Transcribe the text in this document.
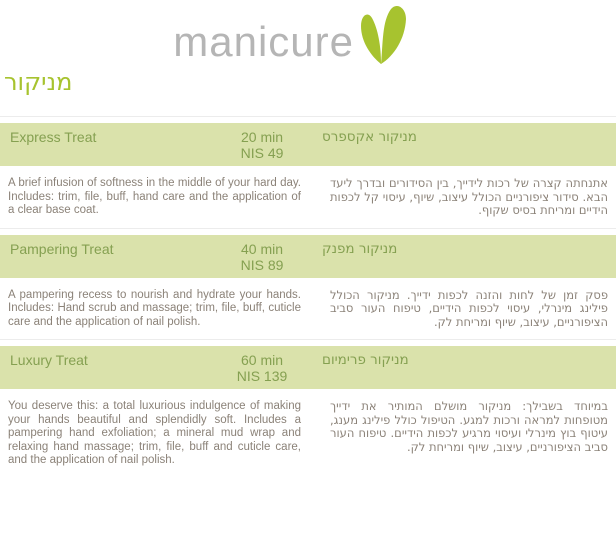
manicure
מניקור
Express Treat	20 min
NIS 49
מניקור אקספרס
A brief infusion of softness in the middle of your hard day. Includes: trim, file, buff, hand care and the application of a clear base coat.
אתנחתה קצרה של רכות לידייך, בין הסידורים ובדרך ליעד הבא. סידור ציפורניים הכולל עיצוב, שיוף, עיסוי קל לכפות הידיים ומריחת בסיס שקוף.
Pampering Treat	40 min
NIS 89
מניקור מפנק
A pampering recess to nourish and hydrate your hands. Includes: Hand scrub and massage; trim, file, buff, cuticle care and the application of nail polish.
פסק זמן של לחות והזנה לכפות ידייך. מניקור הכולל פילינג מינרלי, עיסוי לכפות הידיים, טיפוח העור סביב הציפורניים, עיצוב, שיוף ומריחת לק.
Luxury Treat	60 min
NIS 139
מניקור פרימיום
You deserve this: a total luxurious indulgence of making your hands beautiful and splendidly soft. Includes a pampering hand exfoliation; a mineral mud wrap and relaxing hand massage; trim, file, buff and cuticle care, and the application of nail polish.
במיוחד בשבילך: מניקור מושלם המותיר את ידייך מטופחות למראה ורכות למגע. הטיפול כולל פילינג מענג, עיטוף בוץ מינרלי ועיסוי מרגיע לכפות הידיים. טיפוח העור סביב הציפורניים, עיצוב, שיוף ומריחת לק.
